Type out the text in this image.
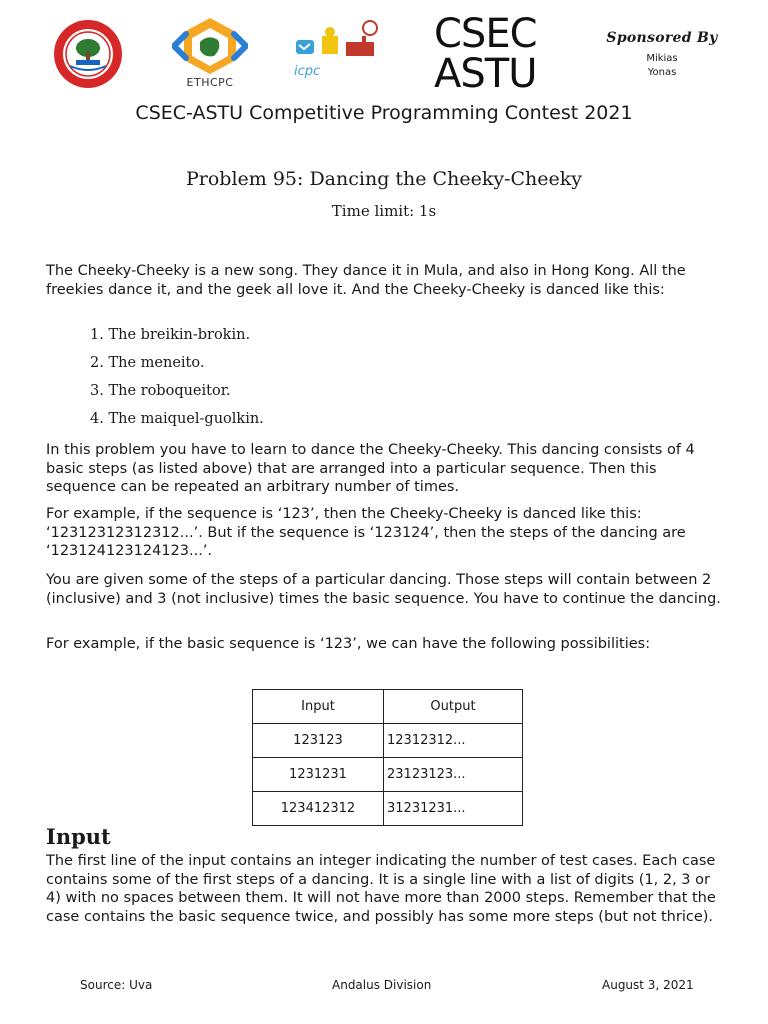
ETHCPC
icpc
CSEC
ASTU
Sponsored By
Mikias
Yonas
CSEC-ASTU Competitive Programming Contest 2021
Problem 95: Dancing the Cheeky-Cheeky
Time limit: 1s
The Cheeky-Cheeky is a new song. They dance it in Mula, and also in Hong Kong. All the freekies dance it, and the geek all love it. And the Cheeky-Cheeky is danced like this:
1. The breikin-brokin.
2. The meneito.
3. The roboqueitor.
4. The maiquel-guolkin.
In this problem you have to learn to dance the Cheeky-Cheeky. This dancing consists of 4 basic steps (as listed above) that are arranged into a particular sequence. Then this sequence can be repeated an arbitrary number of times.
For example, if the sequence is ‘123’, then the Cheeky-Cheeky is danced like this: ‘12312312312312...’. But if the sequence is ‘123124’, then the steps of the dancing are ‘123124123124123...’.
You are given some of the steps of a particular dancing. Those steps will contain between 2 (inclusive) and 3 (not inclusive) times the basic sequence. You have to continue the dancing.
For example, if the basic sequence is ‘123’, we can have the following possibilities:
Input	Output
123123	12312312...
1231231	23123123...
123412312	31231231...
Input
The first line of the input contains an integer indicating the number of test cases. Each case contains some of the first steps of a dancing. It is a single line with a list of digits (1, 2, 3 or 4) with no spaces between them. It will not have more than 2000 steps. Remember that the case contains the basic sequence twice, and possibly has some more steps (but not thrice).
Source: Uva	Andalus Division	August 3, 2021
